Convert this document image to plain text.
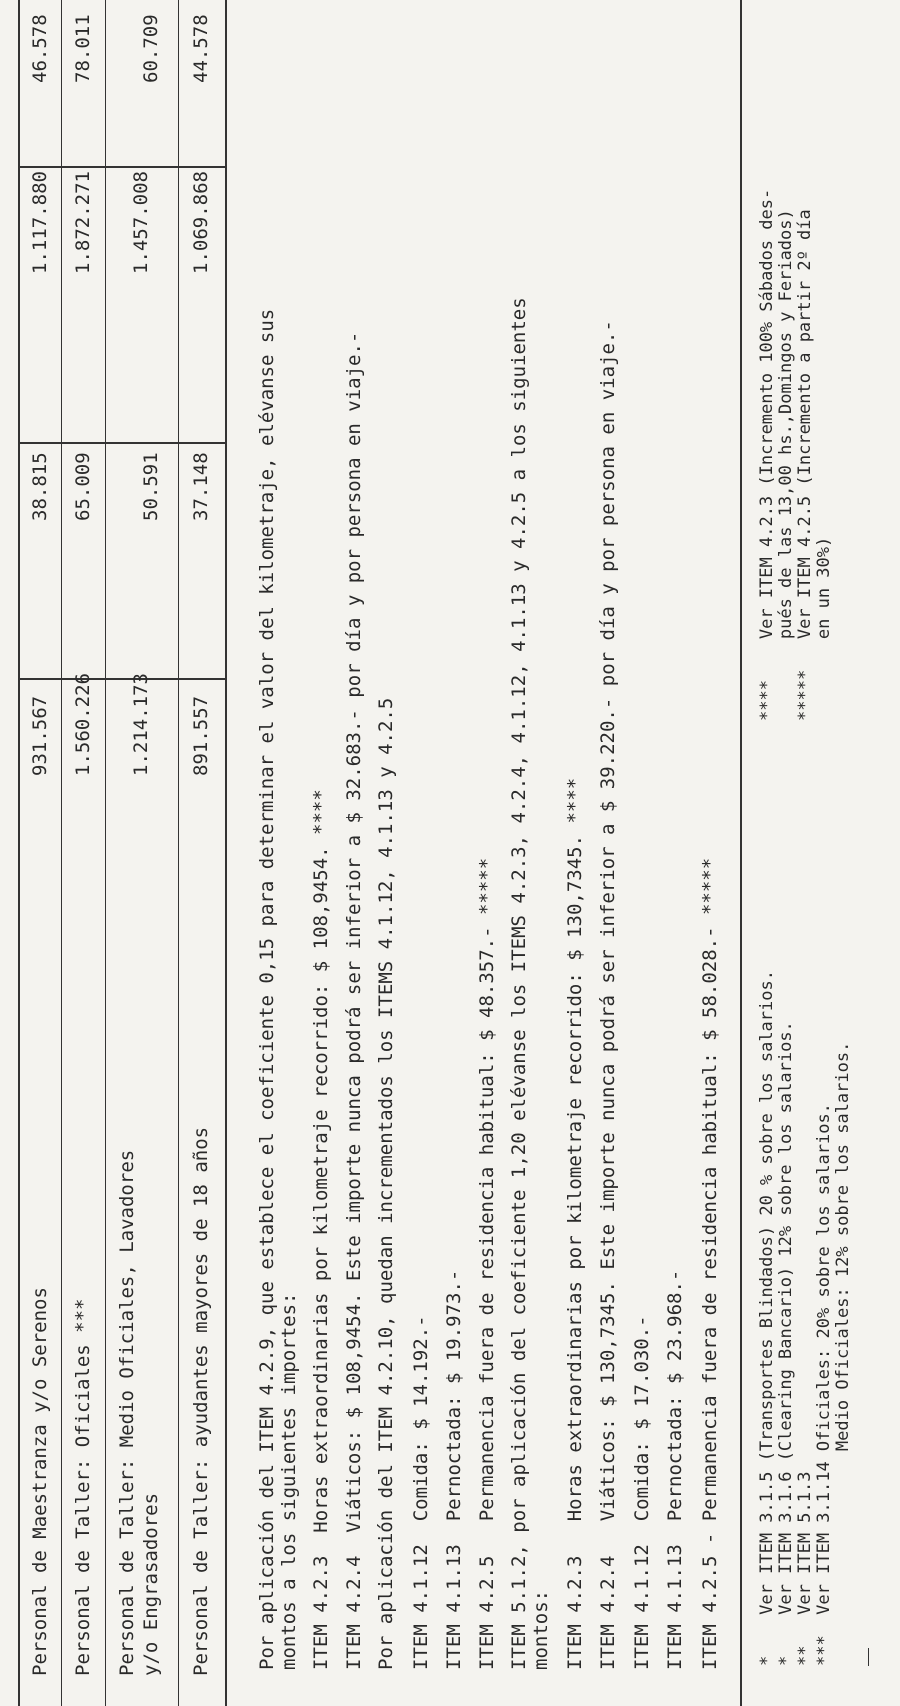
Personal de Maestranza y/o Serenos
931.567
38.815
1.117.880
46.578
Personal de Taller: Oficiales ***
1.560.226
65.009
1.872.271
78.011
Personal de Taller: Medio Oficiales, Lavadores y/o Engrasadores
1.214.173
50.591
1.457.008
60.709
Personal de Taller: ayudantes mayores de 18 años
891.557
37.148
1.069.868
44.578
Por aplicación del ITEM 4.2.9, que establece el coeficiente 0,15 para determinar el valor del kilometraje, elévanse sus montos a los siguientes importes: ITEM 4.2.3  Horas extraordinarias por kilometraje recorrido: $ 108,9454. **** ITEM 4.2.4  Viáticos: $ 108,9454. Este importe nunca podrá ser inferior a $ 32.683.- por día y por persona en viaje.- Por aplicación del ITEM 4.2.10, quedan incrementados los ITEMS 4.1.12, 4.1.13 y 4.2.5 ITEM 4.1.12  Comida: $ 14.192.- ITEM 4.1.13  Pernoctada: $ 19.973.- ITEM 4.2.5   Permanencia fuera de residencia habitual: $ 48.357.- ***** ITEM 5.1.2, por aplicación del coeficiente 1,20 elévanse los ITEMS 4.2.3, 4.2.4, 4.1.12, 4.1.13 y 4.2.5 a los siguientes montos: ITEM 4.2.3   Horas extraordinarias por kilometraje recorrido: $ 130,7345. **** ITEM 4.2.4   Viáticos: $ 130,7345. Este importe nunca podrá ser inferior a $ 39.220.- por día y por persona en viaje.- ITEM 4.1.12  Comida: $ 17.030.- ITEM 4.1.13  Pernoctada: $ 23.968.- ITEM 4.2.5 - Permanencia fuera de residencia habitual: $ 58.028.- ***** *    Ver ITEM 3.1.5 (Transportes Blindados) 20 % sobre los salarios. *    Ver ITEM 3.1.6 (Clearing Bancario) 12% sobre los salarios. **   Ver ITEM 5.1.3 ***  Ver ITEM 3.1.14 Oficiales: 20% sobre los salarios. Medio Oficiales: 12% sobre los salarios.
****    Ver ITEM 4.2.3 (Incremento 100% Sábados des- pués de las 13,00 hs.,Domingos y Feriados) *****   Ver ITEM 4.2.5 (Incremento a partir 2º día en un 30%)
